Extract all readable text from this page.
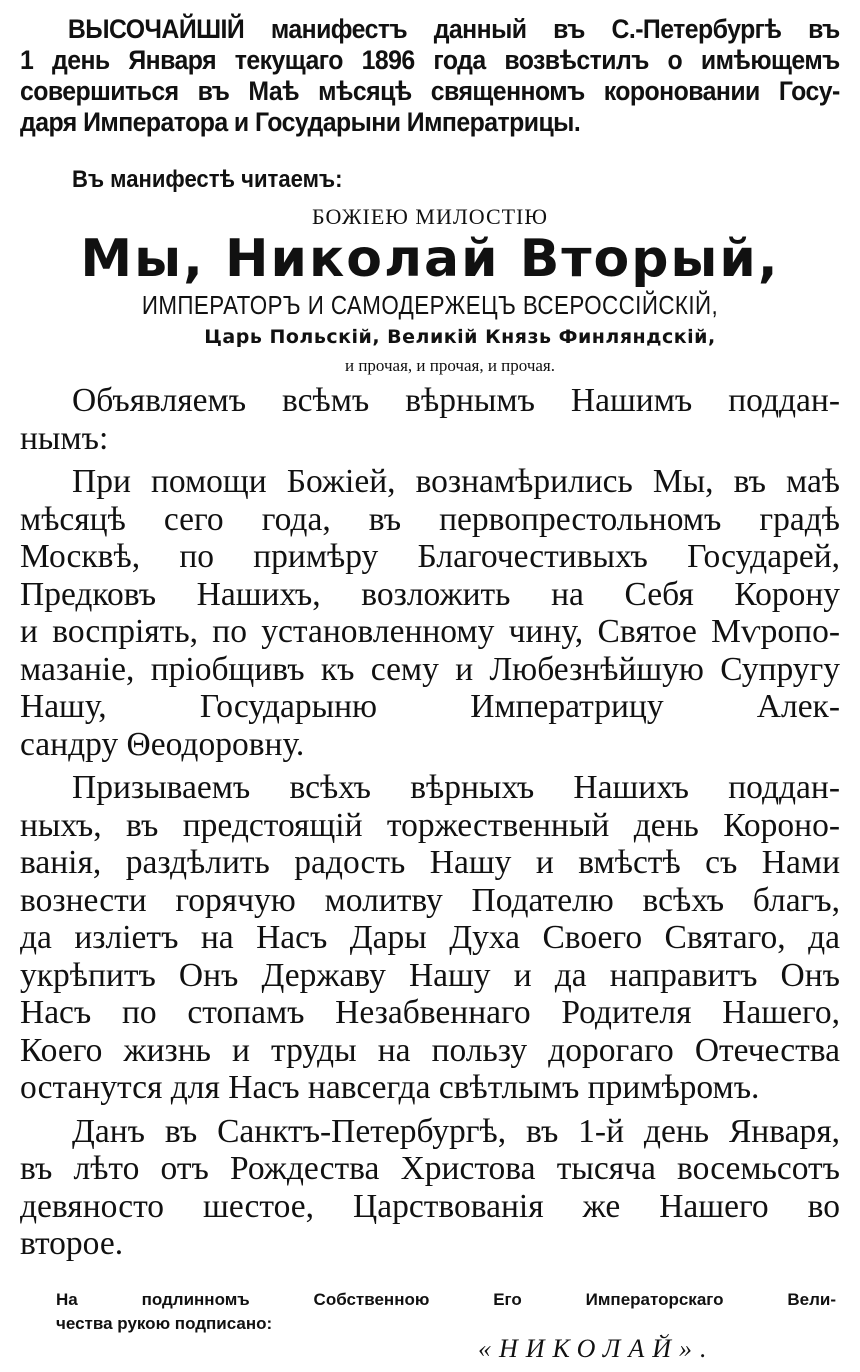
ВЫСОЧАЙШІЙ манифестъ данный въ С.-Петербургѣ въ
1 день Января текущаго 1896 года возвѣстилъ о имѣющемъ
совершиться въ Маѣ мѣсяцѣ священномъ короновании Госу-
даря Императора и Государыни Императрицы.
Въ манифестѣ читаемъ:
БОЖІЕЮ МИЛОСТІЮ
Мы, Николай Вторый,
ИМПЕРАТОРЪ И САМОДЕРЖЕЦЪ ВСЕРОССІЙСКІЙ,
Царь Польскій, Великій Князь Финляндскій,
и прочая, и прочая, и прочая.
Объявляемъ всѣмъ вѣрнымъ Нашимъ поддан-
нымъ:
При помощи Божіей, вознамѣрились Мы, въ маѣ
мѣсяцѣ сего года, въ первопрестольномъ градѣ
Москвѣ, по примѣру Благочестивыхъ Государей,
Предковъ Нашихъ, возложить на Себя Корону
и воспріять, по установленному чину, Святое Мѵропо-
мазаніе, пріобщивъ къ сему и Любезнѣйшую Супругу
Нашу, Государыню Императрицу Алек-
сандру Θеодоровну.
Призываемъ всѣхъ вѣрныхъ Нашихъ поддан-
ныхъ, въ предстоящій торжественный день Короно-
ванія, раздѣлить радость Нашу и вмѣстѣ съ Нами
вознести горячую молитву Подателю всѣхъ благъ,
да изліетъ на Насъ Дары Духа Своего Святаго, да
укрѣпитъ Онъ Державу Нашу и да направитъ Онъ
Насъ по стопамъ Незабвеннаго Родителя Нашего,
Коего жизнь и труды на пользу дорогаго Отечества
останутся для Насъ навсегда свѣтлымъ примѣромъ.
Данъ въ Санктъ-Петербургѣ, въ 1-й день Января,
въ лѣто отъ Рождества Христова тысяча восемьсотъ
девяносто шестое, Царствованія же Нашего во
второе.
На подлинномъ Собственною Его Императорскаго Вели-
чества рукою подписано:
«НИКОЛАЙ».
